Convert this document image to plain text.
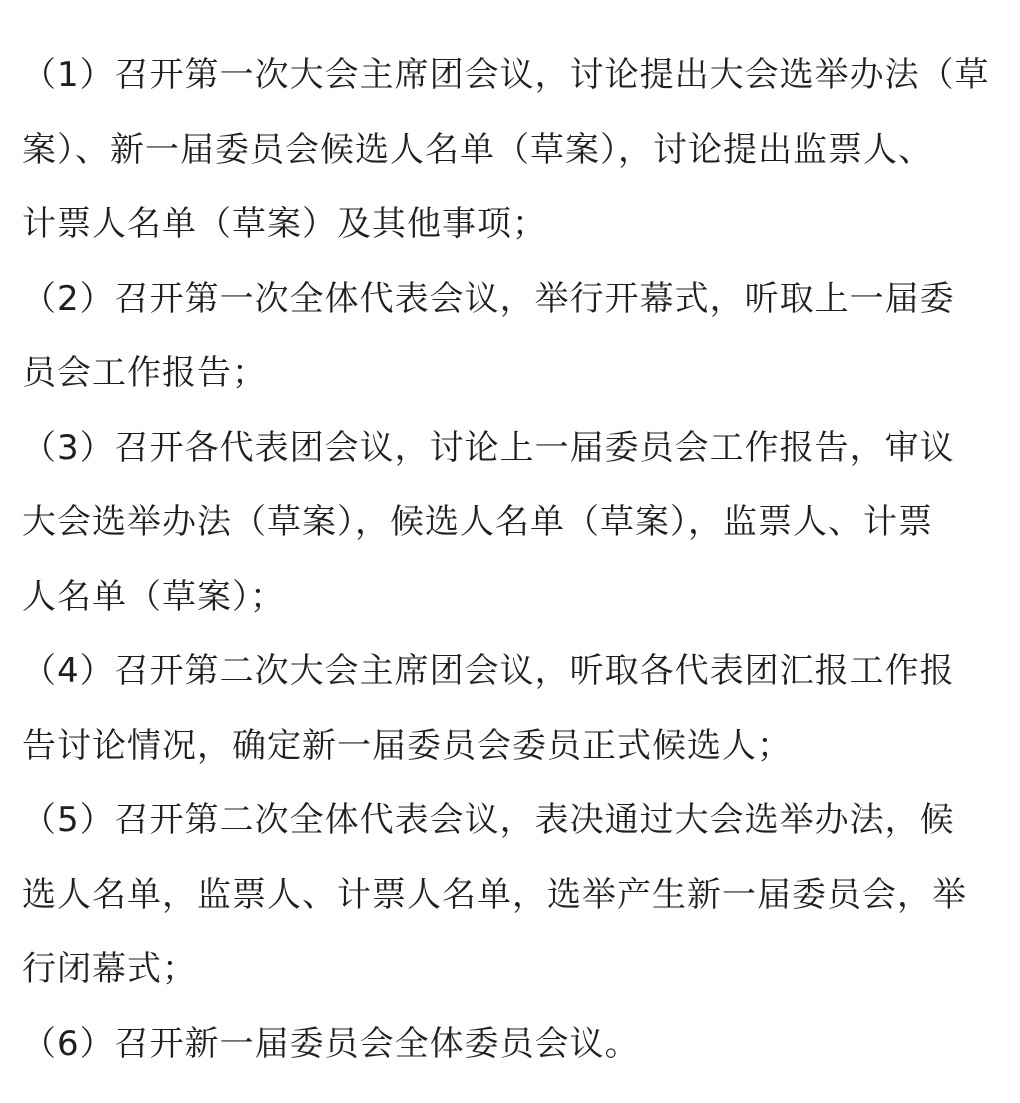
（1）召开第一次大会主席团会议，讨论提出大会选举办法（草
案）、新一届委员会候选人名单（草案），讨论提出监票人、
计票人名单（草案）及其他事项；

（2）召开第一次全体代表会议，举行开幕式，听取上一届委
员会工作报告；

（3）召开各代表团会议，讨论上一届委员会工作报告，审议
大会选举办法（草案），候选人名单（草案），监票人、计票
人名单（草案）；

（4）召开第二次大会主席团会议，听取各代表团汇报工作报
告讨论情况，确定新一届委员会委员正式候选人；

（5）召开第二次全体代表会议，表决通过大会选举办法，候
选人名单，监票人、计票人名单，选举产生新一届委员会，举
行闭幕式；

（6）召开新一届委员会全体委员会议。
